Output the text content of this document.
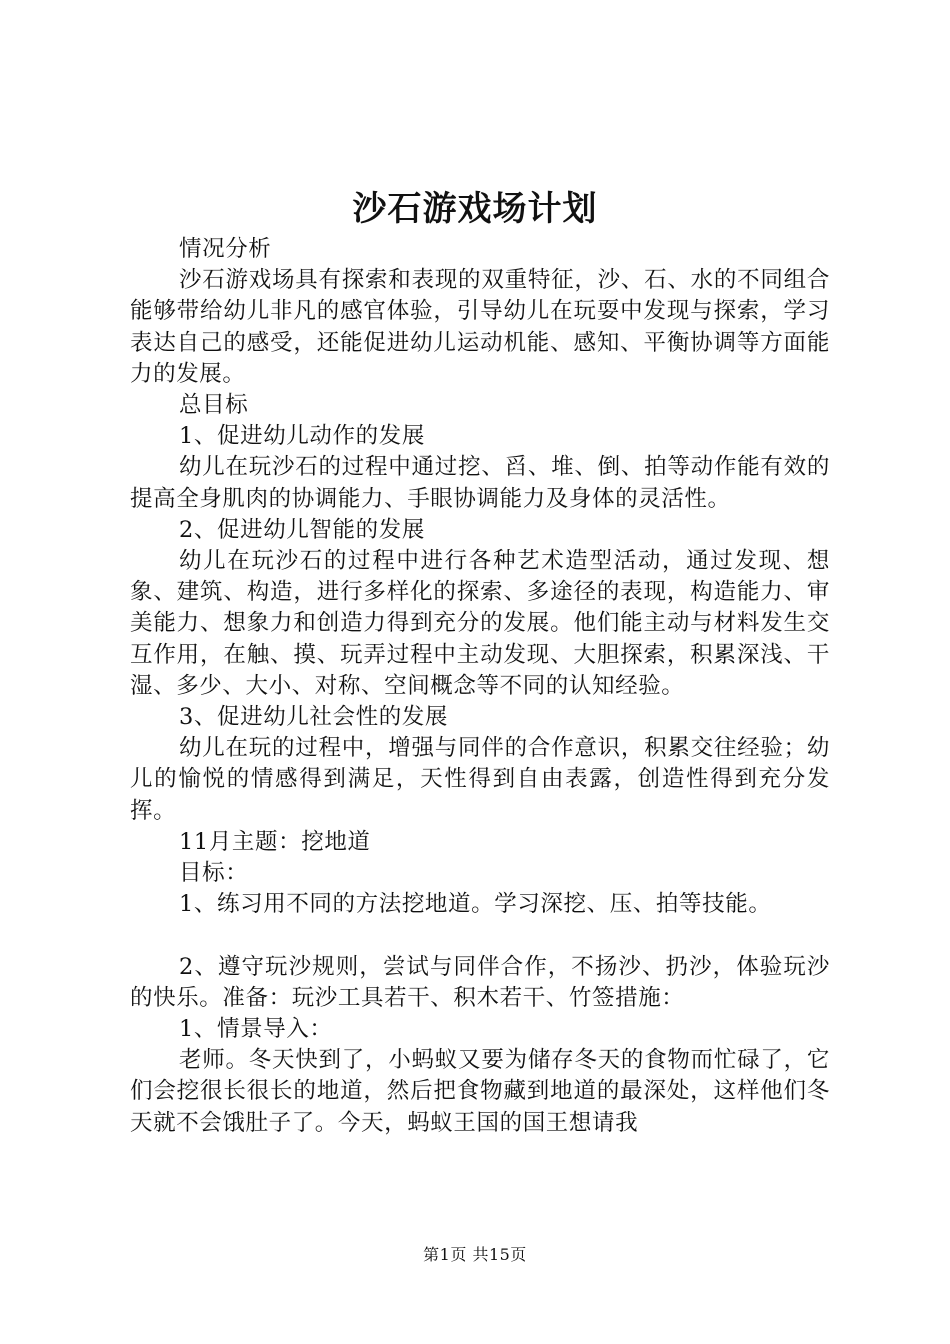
沙石游戏场计划

情况分析

沙石游戏场具有探索和表现的双重特征，沙、石、水的不同组合能够带给幼儿非凡的感官体验，引导幼儿在玩耍中发现与探索，学习表达自己的感受，还能促进幼儿运动机能、感知、平衡协调等方面能力的发展。

总目标

1、促进幼儿动作的发展

幼儿在玩沙石的过程中通过挖、舀、堆、倒、拍等动作能有效的提高全身肌肉的协调能力、手眼协调能力及身体的灵活性。

2、促进幼儿智能的发展

幼儿在玩沙石的过程中进行各种艺术造型活动，通过发现、想象、建筑、构造，进行多样化的探索、多途径的表现，构造能力、审美能力、想象力和创造力得到充分的发展。他们能主动与材料发生交互作用，在触、摸、玩弄过程中主动发现、大胆探索，积累深浅、干湿、多少、大小、对称、空间概念等不同的认知经验。

3、促进幼儿社会性的发展

幼儿在玩的过程中，增强与同伴的合作意识，积累交往经验；幼儿的愉悦的情感得到满足，天性得到自由表露，创造性得到充分发挥。

11月主题：挖地道

目标：

1、练习用不同的方法挖地道。学习深挖、压、拍等技能。

2、遵守玩沙规则，尝试与同伴合作，不扬沙、扔沙，体验玩沙的快乐。准备：玩沙工具若干、积木若干、竹签措施：

1、情景导入：

老师。冬天快到了，小蚂蚁又要为储存冬天的食物而忙碌了，它们会挖很长很长的地道，然后把食物藏到地道的最深处，这样他们冬天就不会饿肚子了。今天，蚂蚁王国的国王想请我

第1页 共15页
